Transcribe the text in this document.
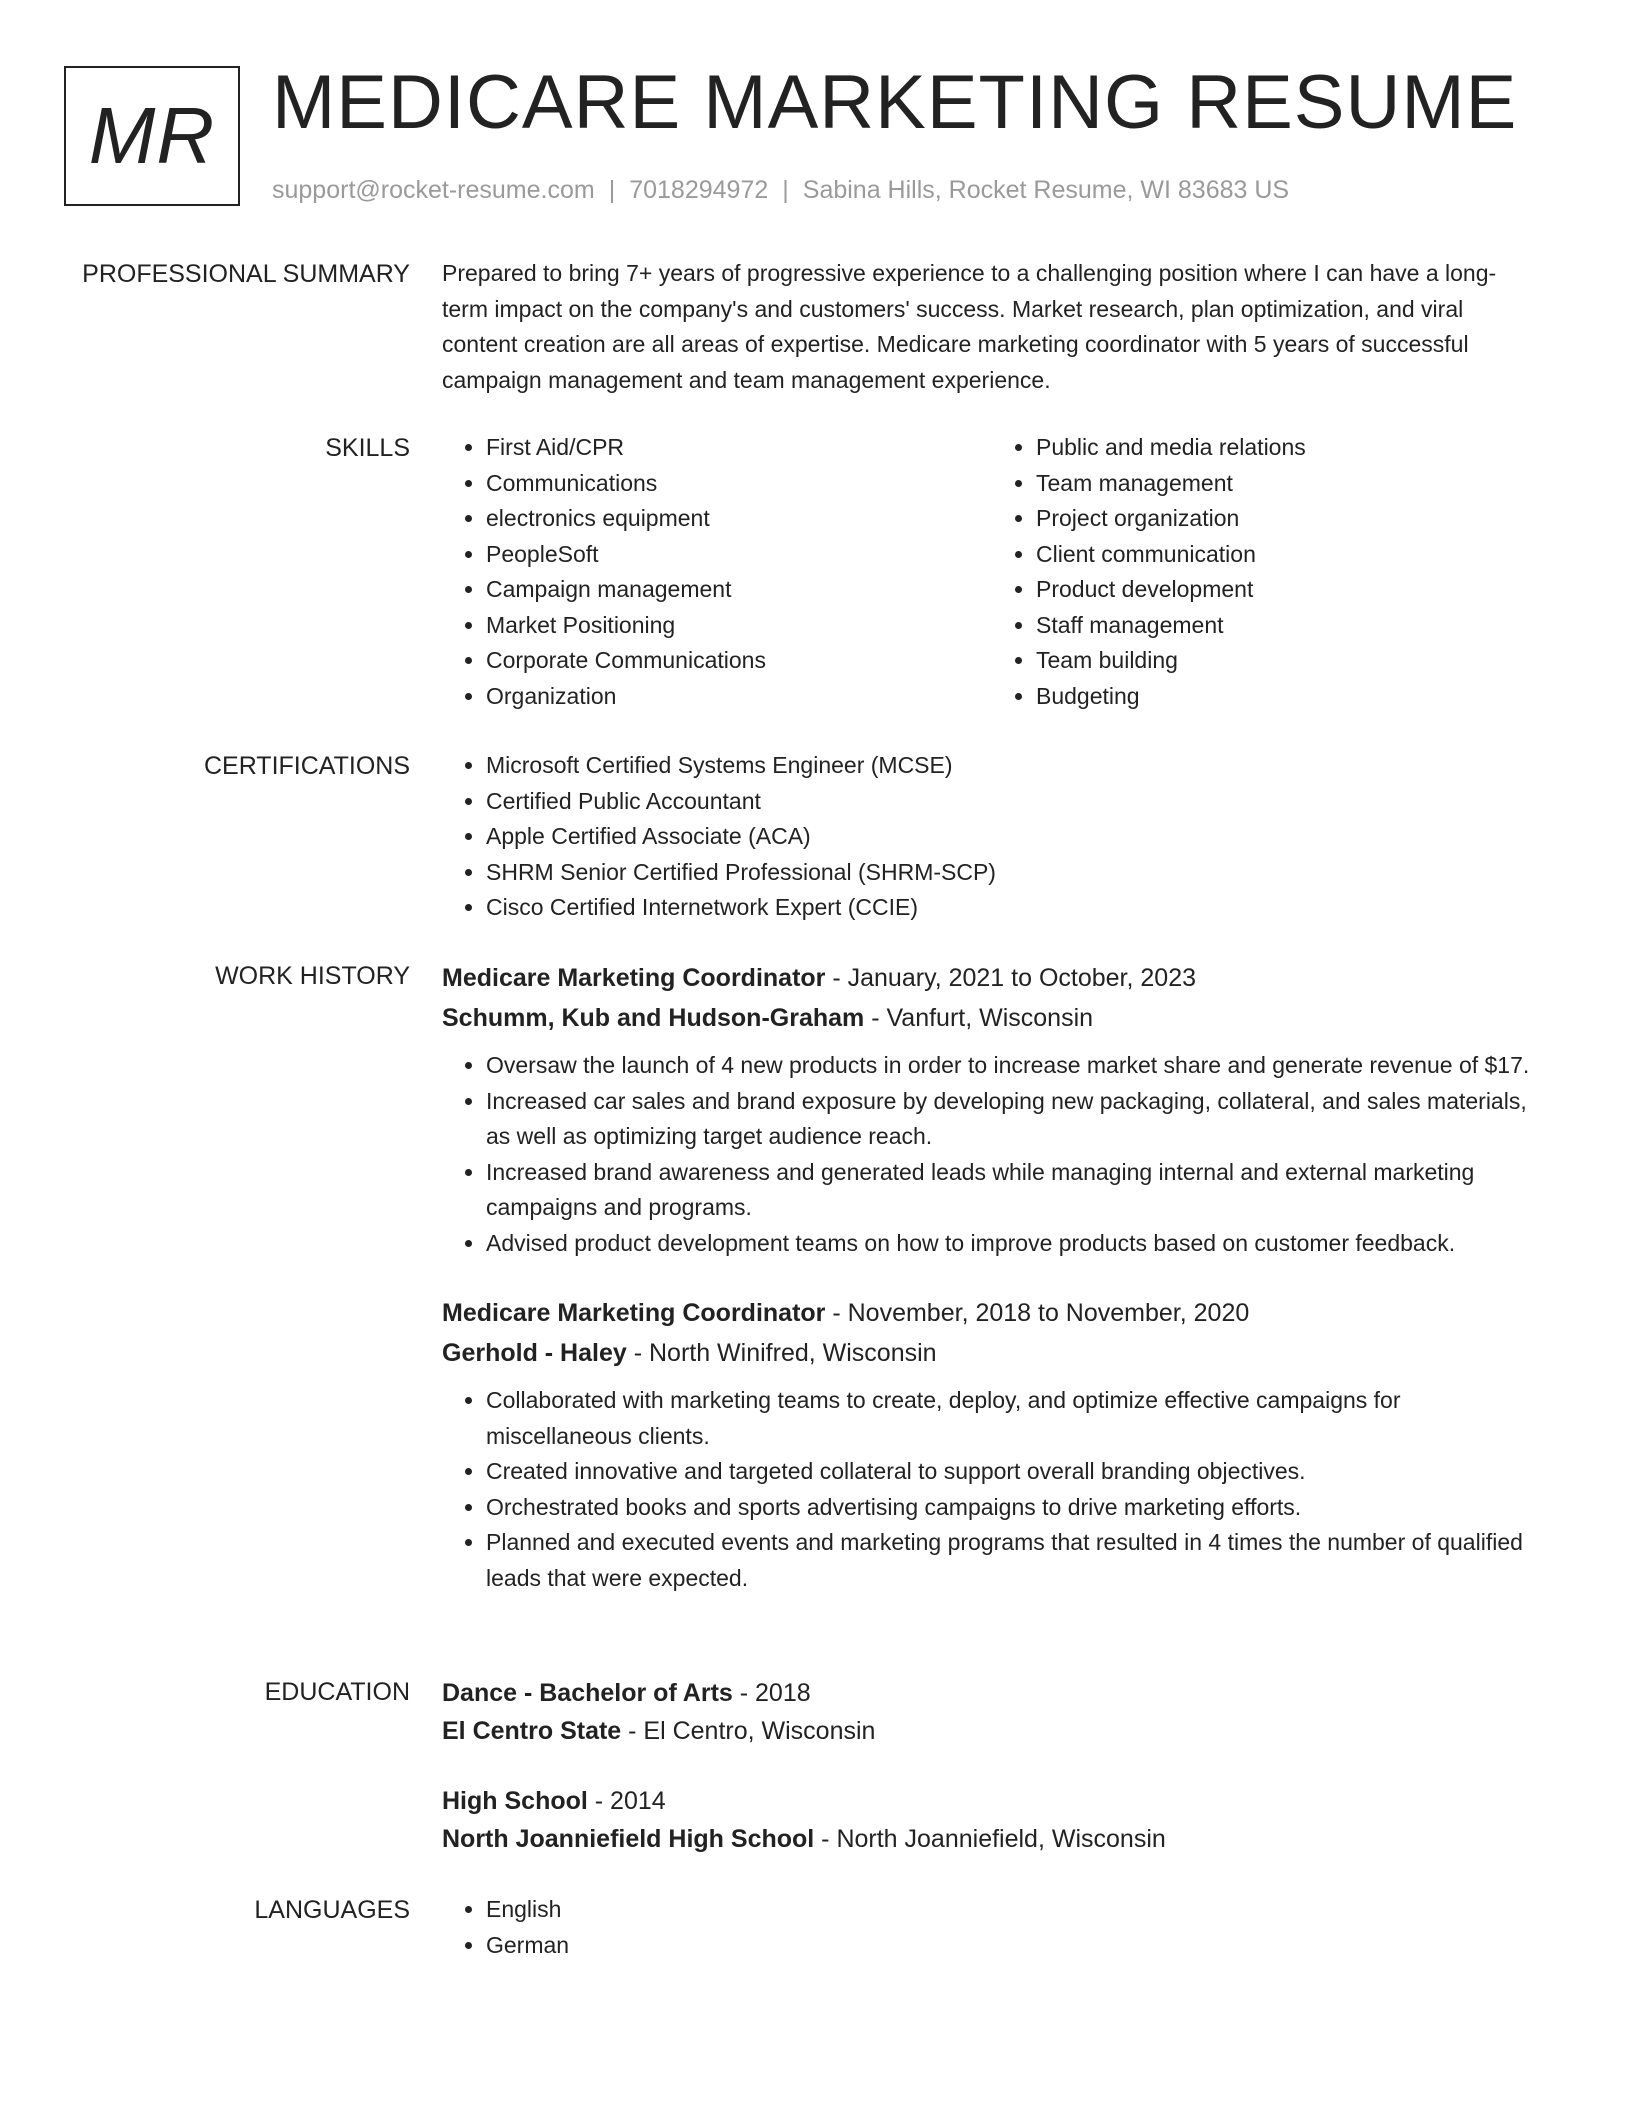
MR MEDICARE MARKETING RESUME
support@rocket-resume.com | 7018294972 | Sabina Hills, Rocket Resume, WI 83683 US
PROFESSIONAL SUMMARY Prepared to bring 7+ years of progressive experience to a challenging position where I can have a long-term impact on the company's and customers' success. Market research, plan optimization, and viral content creation are all areas of expertise. Medicare marketing coordinator with 5 years of successful campaign management and team management experience.
SKILLS	• First Aid/CPR
• Communications
• electronics equipment
• PeopleSoft
• Campaign management
• Market Positioning
• Corporate Communications
• Organization
• Public and media relations
• Team management
• Project organization
• Client communication
• Product development
• Staff management
• Team building
• Budgeting
CERTIFICATIONS	• Microsoft Certified Systems Engineer (MCSE)
• Certified Public Accountant
• Apple Certified Associate (ACA)
• SHRM Senior Certified Professional (SHRM-SCP)
• Cisco Certified Internetwork Expert (CCIE)
WORK HISTORY Medicare Marketing Coordinator - January, 2021 to October, 2023
Schumm, Kub and Hudson-Graham - Vanfurt, Wisconsin
• Oversaw the launch of 4 new products in order to increase market share and generate revenue of $17.
• Increased car sales and brand exposure by developing new packaging, collateral, and sales materials, as well as optimizing target audience reach.
• Increased brand awareness and generated leads while managing internal and external marketing campaigns and programs.
• Advised product development teams on how to improve products based on customer feedback.
Medicare Marketing Coordinator - November, 2018 to November, 2020
Gerhold - Haley - North Winifred, Wisconsin
• Collaborated with marketing teams to create, deploy, and optimize effective campaigns for miscellaneous clients.
• Created innovative and targeted collateral to support overall branding objectives.
• Orchestrated books and sports advertising campaigns to drive marketing efforts.
• Planned and executed events and marketing programs that resulted in 4 times the number of qualified leads that were expected.
EDUCATION Dance - Bachelor of Arts - 2018
El Centro State - El Centro, Wisconsin
High School - 2014
North Joanniefield High School - North Joanniefield, Wisconsin
LANGUAGES	• English
• German
